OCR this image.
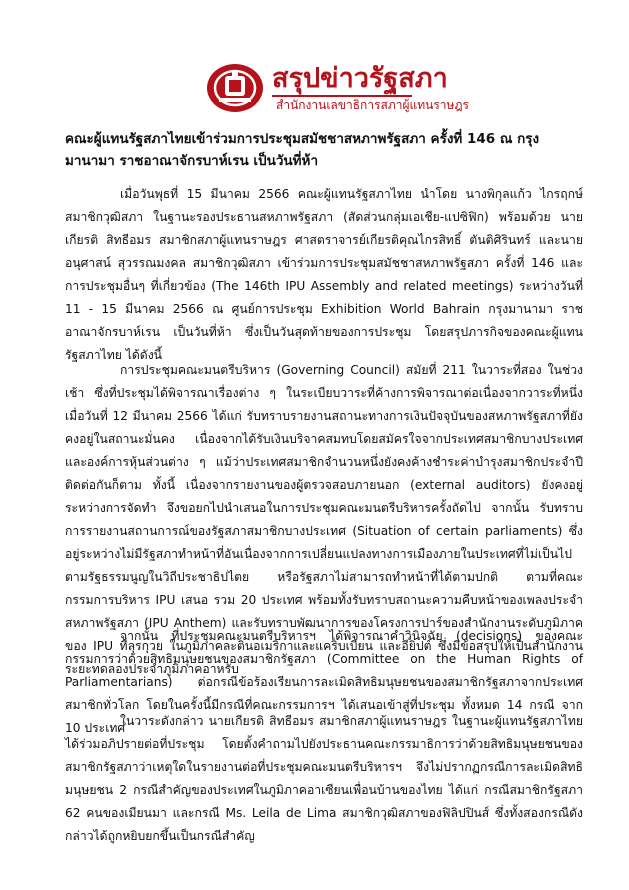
สรุปข่าวรัฐสภา
สำนักงานเลขาธิการสภาผู้แทนราษฎร
คณะผู้แทนรัฐสภาไทยเข้าร่วมการประชุมสมัชชาสหภาพรัฐสภา ครั้งที่ 146 ณ กรุงมานามา ราชอาณาจักรบาห์เรน เป็นวันที่ห้า

เมื่อวันพุธที่ 15 มีนาคม 2566 คณะผู้แทนรัฐสภาไทย นำโดย นางพิกุลแก้ว ไกรฤกษ์ สมาชิกวุฒิสภา ในฐานะรองประธานสหภาพรัฐสภา (สัดส่วนกลุ่มเอเชีย-แปซิฟิก) พร้อมด้วย นายเกียรติ สิทธีอมร สมาชิกสภาผู้แทนราษฎร ศาสตราจารย์เกียรติคุณไกรสิทธิ์ ตันติศิรินทร์ และนายอนุศาสน์ สุวรรณมงคล สมาชิกวุฒิสภา เข้าร่วมการประชุมสมัชชาสหภาพรัฐสภา ครั้งที่ 146 และการประชุมอื่นๆ ที่เกี่ยวข้อง (The 146th IPU Assembly and related meetings) ระหว่างวันที่ 11 - 15 มีนาคม 2566 ณ ศูนย์การประชุม Exhibition World Bahrain กรุงมานามา ราชอาณาจักรบาห์เรน เป็นวันที่ห้า ซึ่งเป็นวันสุดท้ายของการประชุม โดยสรุปภารกิจของคณะผู้แทนรัฐสภาไทย ได้ดังนี้

การประชุมคณะมนตรีบริหาร (Governing Council) สมัยที่ 211 ในวาระที่สอง ในช่วงเช้า ซึ่งที่ประชุมได้พิจารณาเรื่องต่าง ๆ ในระเบียบวาระที่ค้างการพิจารณาต่อเนื่องจากวาระที่หนึ่งเมื่อวันที่ 12 มีนาคม 2566 ได้แก่ รับทราบรายงานสถานะทางการเงินปัจจุบันของสหภาพรัฐสภาที่ยังคงอยู่ในสถานะมั่นคง เนื่องจากได้รับเงินบริจาคสมทบโดยสมัครใจจากประเทศสมาชิกบางประเทศ และองค์การหุ้นส่วนต่าง ๆ แม้ว่าประเทศสมาชิกจำนวนหนึ่งยังคงค้างชำระค่าบำรุงสมาชิกประจำปีติดต่อกันก็ตาม ทั้งนี้ เนื่องจากรายงานของผู้ตรวจสอบภายนอก (external auditors) ยังคงอยู่ระหว่างการจัดทำ จึงขอยกไปนำเสนอในการประชุมคณะมนตรีบริหารครั้งถัดไป จากนั้น รับทราบการรายงานสถานการณ์ของรัฐสภาสมาชิกบางประเทศ (Situation of certain parliaments) ซึ่งอยู่ระหว่างไม่มีรัฐสภาทำหน้าที่อันเนื่องจากการเปลี่ยนแปลงทางการเมืองภายในประเทศที่ไม่เป็นไปตามรัฐธรรมนูญในวิถีประชาธิปไตย หรือรัฐสภาไม่สามารถทำหน้าที่ได้ตามปกติ ตามที่คณะกรรมการบริหาร IPU เสนอ รวม 20 ประเทศ พร้อมทั้งรับทราบสถานะความคืบหน้าของเพลงประจำสหภาพรัฐสภา (IPU Anthem) และรับทราบพัฒนาการของโครงการปาร์ของสำนักงานระดับภูมิภาคของ IPU ที่ลุรกุวย ในภูมิภาคละตินอเมริกาและแคริบเบียน และอียิปต์ ซึ่งมีข้อสรุปให้เป็นสำนักงานระยะทดลองประจำภูมิภาคอาหรับ

จากนั้น ที่ประชุมคณะมนตรีบริหารฯ ได้พิจารณาคำวินิจฉัย (decisions) ของคณะกรรมการว่าด้วยสิทธิมนุษยชนของสมาชิกรัฐสภา (Committee on the Human Rights of Parliamentarians) ต่อกรณีข้อร้องเรียนการละเมิดสิทธิมนุษยชนของสมาชิกรัฐสภาจากประเทศสมาชิกทั่วโลก โดยในครั้งนี้มีกรณีที่คณะกรรมการฯ ได้เสนอเข้าสู่ที่ประชุม ทั้งหมด 14 กรณี จาก 10 ประเทศ

ในวาระดังกล่าว นายเกียรติ สิทธีอมร สมาชิกสภาผู้แทนราษฎร ในฐานะผู้แทนรัฐสภาไทย ได้ร่วมอภิปรายต่อที่ประชุม โดยตั้งคำถามไปยังประธานคณะกรรมาธิการว่าด้วยสิทธิมนุษยชนของสมาชิกรัฐสภาว่าเหตุใดในรายงานต่อที่ประชุมคณะมนตรีบริหารฯ จึงไม่ปรากฏกรณีการละเมิดสิทธิมนุษยชน 2 กรณีสำคัญของประเทศในภูมิภาคอาเซียนเพื่อนบ้านของไทย ได้แก่ กรณีสมาชิกรัฐสภา 62 คนของเมียนมา และกรณี Ms. Leila de Lima สมาชิกวุฒิสภาของฟิลิปปินส์ ซึ่งทั้งสองกรณีดังกล่าวได้ถูกหยิบยกขึ้นเป็นกรณีสำคัญ
